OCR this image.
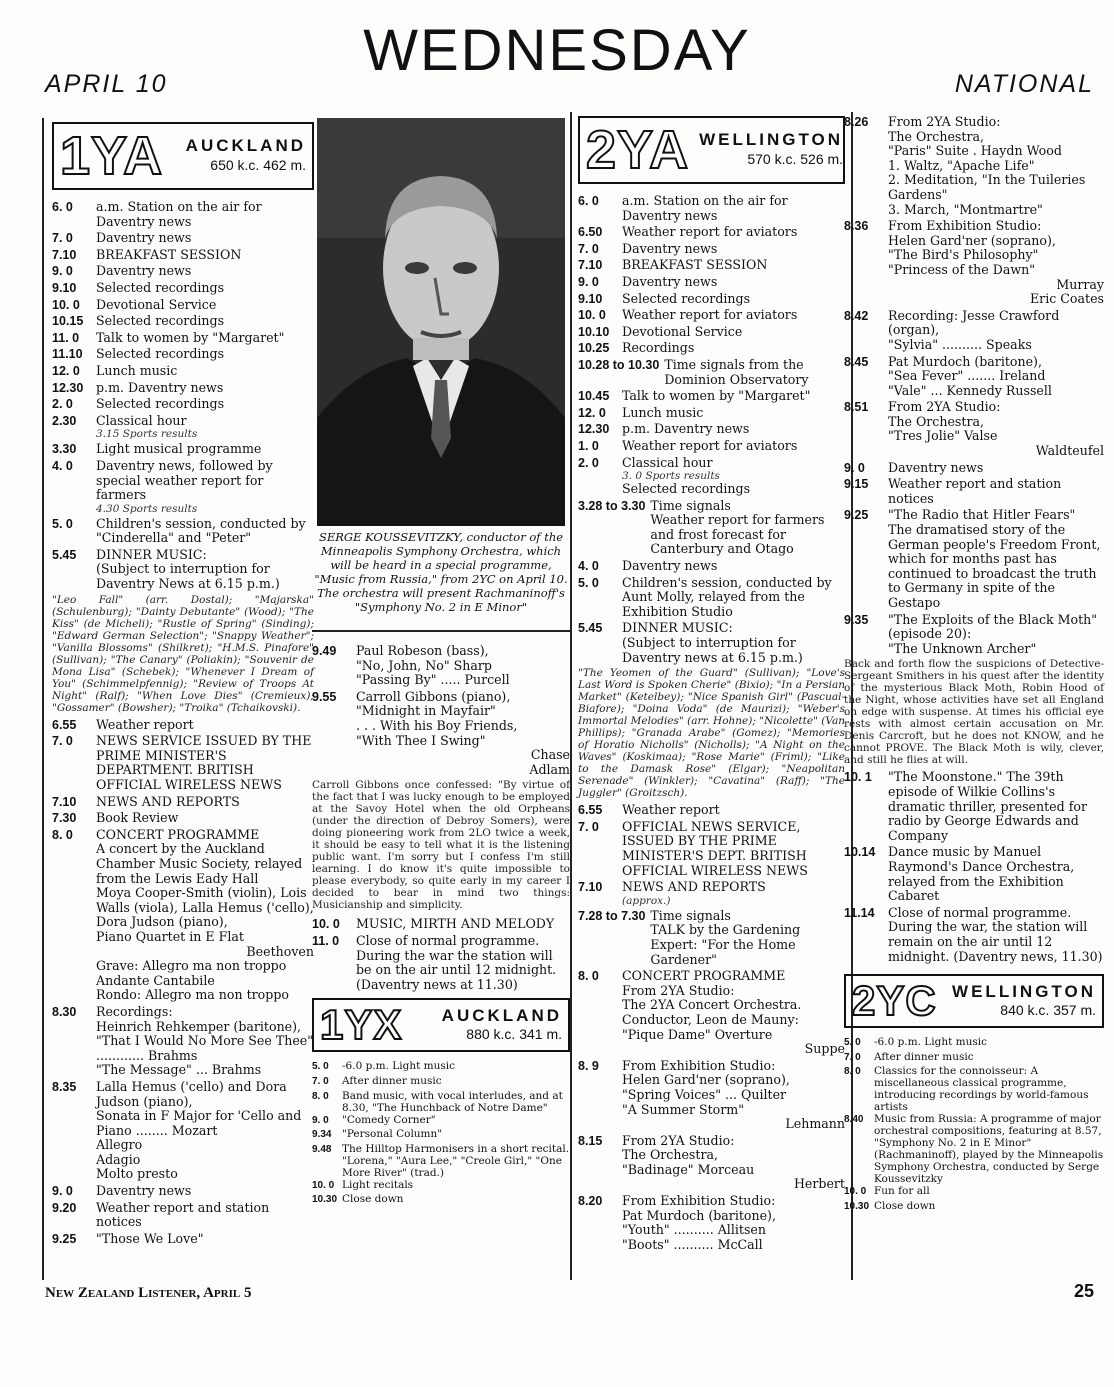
WEDNESDAY
APRIL 10	NATIONAL
1YA	AUCKLAND
650 k.c. 462 m.
6. 0	a.m. Station on the air for Daventry news
7. 0	Daventry news
7.10	BREAKFAST SESSION
9. 0	Daventry news
9.10	Selected recordings
10. 0	Devotional Service
10.15	Selected recordings
11. 0	Talk to women by "Margaret"
11.10	Selected recordings
12. 0	Lunch music
12.30	p.m. Daventry news
2. 0	Selected recordings
2.30	Classical hour
3.15 Sports results
3.30	Light musical programme
4. 0	Daventry news, followed by special weather report for farmers
4.30 Sports results
5. 0	Children's session, conducted by "Cinderella" and "Peter"
5.45	DINNER MUSIC:
(Subject to interruption for Daventry News at 6.15 p.m.)
"Leo Fall" (arr. Dostal); "Majarska" (Schulenburg); "Dainty Debutante" (Wood); "The Kiss" (de Micheli); "Rustle of Spring" (Sinding); "Edward German Selection"; "Snappy Weather"; "Vanilla Blossoms" (Shilkret); "H.M.S. Pinafore" (Sullivan); "The Canary" (Poliakin); "Souvenir de Mona Lisa" (Schebek); "Whenever I Dream of You" (Schimmelpfennig); "Review of Troops At Night" (Ralf); "When Love Dies" (Cremieux); "Gossamer" (Bowsher); "Troika" (Tchaikovski).
6.55	Weather report
7. 0	NEWS SERVICE ISSUED BY THE PRIME MINISTER'S DEPARTMENT. BRITISH OFFICIAL WIRELESS NEWS
7.10	NEWS AND REPORTS
7.30	Book Review
8. 0	CONCERT PROGRAMME
A concert by the Auckland Chamber Music Society, relayed from the Lewis Eady Hall
Moya Cooper-Smith (violin), Lois Walls (viola), Lalla Hemus ('cello), Dora Judson (piano),
Piano Quartet in E Flat
Beethoven
Grave: Allegro ma non troppo
Andante Cantabile
Rondo: Allegro ma non troppo
8.30	Recordings:
Heinrich Rehkemper (baritone),
"That I Would No More See Thee" ............ Brahms
"The Message" ... Brahms
8.35	Lalla Hemus ('cello) and Dora Judson (piano),
Sonata in F Major for 'Cello and Piano ........ Mozart
Allegro
Adagio
Molto presto
9. 0	Daventry news
9.20	Weather report and station notices
9.25	"Those We Love"
SERGE KOUSSEVITZKY, conductor of the Minneapolis Symphony Orchestra, which will be heard in a special programme, "Music from Russia," from 2YC on April 10. The orchestra will present Rachmaninoff's "Symphony No. 2 in E Minor"
9.49	Paul Robeson (bass),
"No, John, No" Sharp
"Passing By" ..... Purcell
9.55	Carroll Gibbons (piano),
"Midnight in Mayfair"
. . . With his Boy Friends,
"With Thee I Swing"
Chase
Adlam
Carroll Gibbons once confessed: "By virtue of the fact that I was lucky enough to be employed at the Savoy Hotel when the old Orpheans (under the direction of Debroy Somers), were doing pioneering work from 2LO twice a week, it should be easy to tell what it is the listening public want. I'm sorry but I confess I'm still learning. I do know it's quite impossible to please everybody, so quite early in my career I decided to bear in mind two things: Musicianship and simplicity.
10. 0	MUSIC, MIRTH AND MELODY
11. 0	Close of normal programme. During the war the station will be on the air until 12 midnight. (Daventry news at 11.30)
1YX	AUCKLAND
880 k.c. 341 m.
5. 0	-6.0 p.m. Light music
7. 0	After dinner music
8. 0	Band music, with vocal interludes, and at 8.30, "The Hunchback of Notre Dame"
9. 0	"Comedy Corner"
9.34	"Personal Column"
9.48	The Hilltop Harmonisers in a short recital. "Lorena," "Aura Lee," "Creole Girl," "One More River" (trad.)
10. 0 Light recitals
10.30 Close down
2YA WELLINGTON
570 k.c. 526 m.
6. 0	a.m. Station on the air for Daventry news
6.50	Weather report for aviators
7. 0	Daventry news
7.10	BREAKFAST SESSION
9. 0	Daventry news
9.10	Selected recordings
10. 0	Weather report for aviators
10.10	Devotional Service
10.25	Recordings
10.28 to 10.30 Time signals from the Dominion Observatory
10.45	Talk to women by "Margaret"
12. 0	Lunch music
12.30	p.m. Daventry news
1. 0	Weather report for aviators
2. 0	Classical hour
3. 0 Sports results
Selected recordings
3.28 to 3.30 Time signals
Weather report for farmers and frost forecast for Canterbury and Otago
4. 0	Daventry news
5. 0	Children's session, conducted by Aunt Molly, relayed from the Exhibition Studio
5.45	DINNER MUSIC:
(Subject to interruption for Daventry news at 6.15 p.m.)
"The Yeomen of the Guard" (Sullivan); "Love's Last Word is Spoken Cherie" (Bixio); "In a Persian Market" (Ketelbey); "Nice Spanish Girl" (Pascual-Biafore); "Doina Voda" (de Maurizi); "Weber's Immortal Melodies" (arr. Hohne); "Nicolette" (Van Phillips); "Granada Arabe" (Gomez); "Memories of Horatio Nicholls" (Nicholls); "A Night on the Waves" (Koskimaa); "Rose Marie" (Friml); "Like to the Damask Rose" (Elgar); "Neapolitan Serenade" (Winkler); "Cavatina" (Raff); "The Juggler" (Groitzsch).
6.55	Weather report
7. 0	OFFICIAL NEWS SERVICE, ISSUED BY THE PRIME MINISTER'S DEPT. BRITISH OFFICIAL WIRELESS NEWS
7.10	NEWS AND REPORTS
(approx.)
7.28 to 7.30 Time signals
TALK by the Gardening Expert: "For the Home Gardener"
8. 0	CONCERT PROGRAMME
From 2YA Studio:
The 2YA Concert Orchestra. Conductor, Leon de Mauny:
"Pique Dame" Overture
Suppe
8. 9	From Exhibition Studio:
Helen Gard'ner (soprano),
"Spring Voices" ... Quilter
"A Summer Storm"
Lehmann
8.15	From 2YA Studio:
The Orchestra,
"Badinage" Morceau
Herbert
8.20	From Exhibition Studio:
Pat Murdoch (baritone),
"Youth" .......... Allitsen
"Boots" .......... McCall
8.26	From 2YA Studio:
The Orchestra,
"Paris" Suite . Haydn Wood
1. Waltz, "Apache Life"
2. Meditation, "In the Tuileries Gardens"
3. March, "Montmartre"
8.36	From Exhibition Studio:
Helen Gard'ner (soprano),
"The Bird's Philosophy"
"Princess of the Dawn"
Murray
Eric Coates
8.42	Recording: Jesse Crawford (organ),
"Sylvia" .......... Speaks
8.45	Pat Murdoch (baritone),
"Sea Fever" ....... Ireland
"Vale" ... Kennedy Russell
8.51	From 2YA Studio:
The Orchestra,
"Tres Jolie" Valse
Waldteufel
9. 0	Daventry news
9.15	Weather report and station notices
9.25	"The Radio that Hitler Fears"
The dramatised story of the German people's Freedom Front, which for months past has continued to broadcast the truth to Germany in spite of the Gestapo
9.35	"The Exploits of the Black Moth" (episode 20):
"The Unknown Archer"
Back and forth flow the suspicions of Detective-Sergeant Smithers in his quest after the identity of the mysterious Black Moth, Robin Hood of the Night, whose activities have set all England on edge with suspense. At times his official eye rests with almost certain accusation on Mr. Denis Carcroft, but he does not KNOW, and he cannot PROVE. The Black Moth is wily, clever, and still he flies at will.
10. 1	"The Moonstone." The 39th episode of Wilkie Collins's dramatic thriller, presented for radio by George Edwards and Company
10.14	Dance music by Manuel Raymond's Dance Orchestra, relayed from the Exhibition Cabaret
11.14	Close of normal programme. During the war, the station will remain on the air until 12 midnight. (Daventry news, 11.30)
2YC WELLINGTON
840 k.c. 357 m.
5. 0	-6.0 p.m. Light music
7. 0	After dinner music
8. 0	Classics for the connoisseur: A miscellaneous classical programme, introducing recordings by world-famous artists
8.40	Music from Russia: A programme of major orchestral compositions, featuring at 8.57, "Symphony No. 2 in E Minor" (Rachmaninoff), played by the Minneapolis Symphony Orchestra, conducted by Serge Koussevitzky
10. 0 Fun for all
10.30 Close down
New Zealand Listener, April 5	25
